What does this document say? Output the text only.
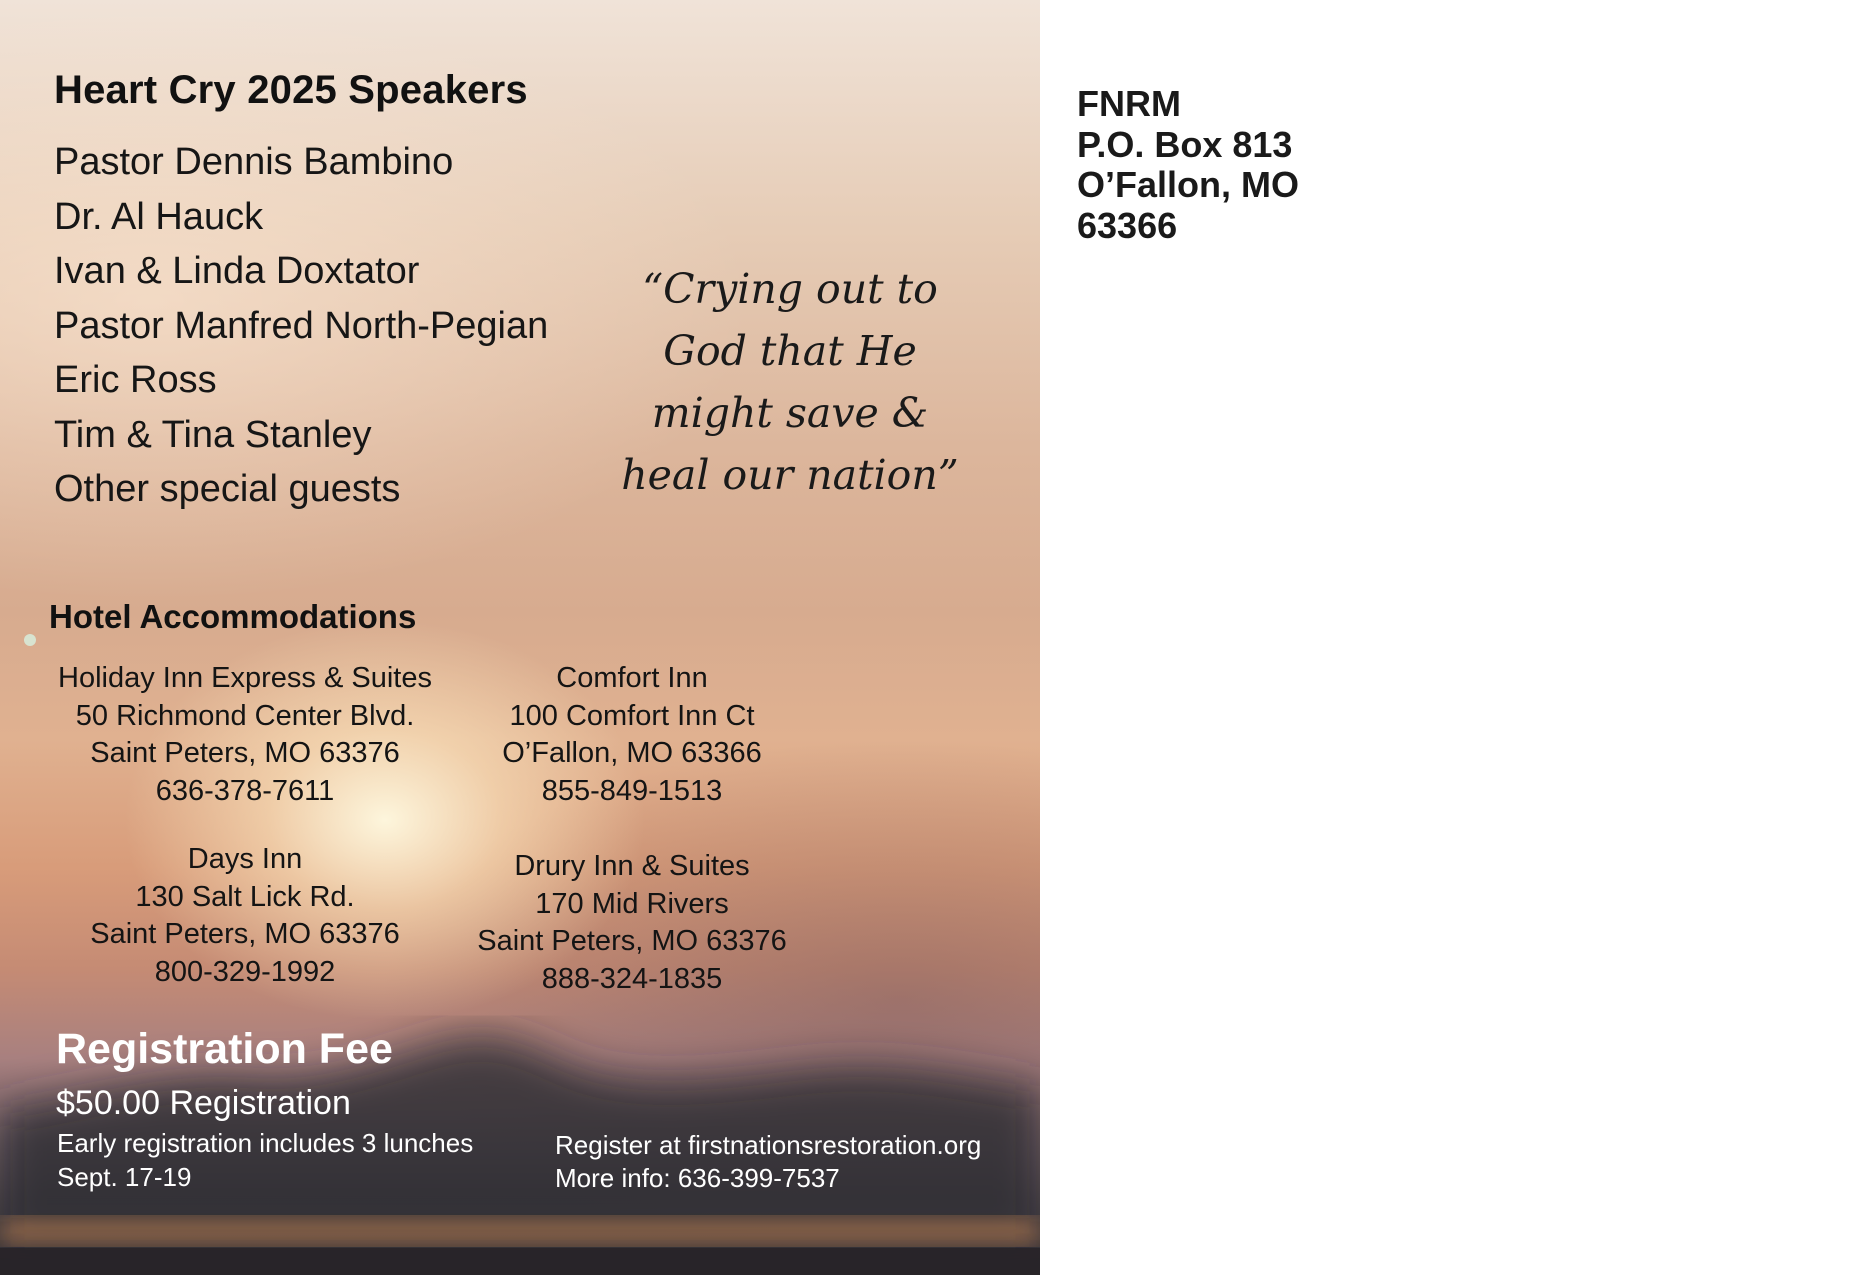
Heart Cry 2025 Speakers
Pastor Dennis Bambino
Dr. Al Hauck
Ivan & Linda Doxtator
Pastor Manfred North-Pegian
Eric Ross
Tim & Tina Stanley
Other special guests
“Crying out to
God that He
might save &
heal our nation”
Hotel Accommodations
Holiday Inn Express & Suites
50 Richmond Center Blvd.
Saint Peters, MO 63376
636-378-7611
Comfort Inn
100 Comfort Inn Ct
O’Fallon, MO 63366
855-849-1513
Days Inn
130 Salt Lick Rd.
Saint Peters, MO 63376
800-329-1992
Drury Inn & Suites
170 Mid Rivers
Saint Peters, MO 63376
888-324-1835
Registration Fee
$50.00 Registration
Early registration includes 3 lunches
Sept. 17-19
Register at firstnationsrestoration.org
More info: 636-399-7537
FNRM
P.O. Box 813
O’Fallon, MO
63366
